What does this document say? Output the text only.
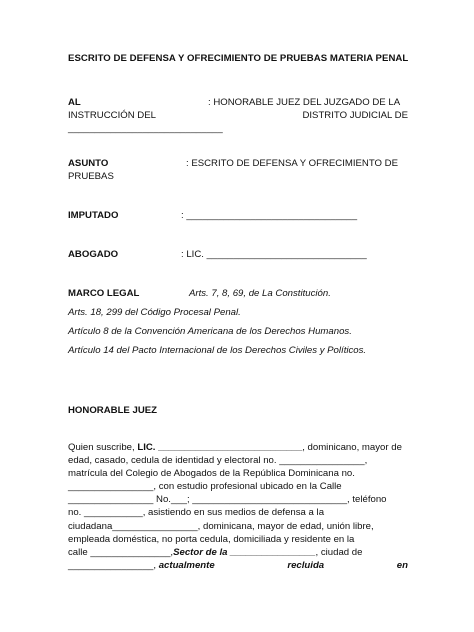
ESCRITO DE DEFENSA Y OFRECIMIENTO DE PRUEBAS MATERIA PENAL
AL	: HONORABLE JUEZ DEL JUZGADO DE LA
INSTRUCCIÓN DEL	DISTRITO JUDICIAL DE
_____________________________
ASUNTO	: ESCRITO DE DEFENSA Y OFRECIMIENTO DE
PRUEBAS
IMPUTADO	: ________________________________
ABOGADO	: LIC. ______________________________
MARCO LEGAL	Arts. 7, 8, 69, de La Constitución.
Arts. 18, 299 del Código Procesal Penal.
Artículo 8 de la Convención Americana de los Derechos Humanos.
Artículo 14 del Pacto Internacional de los Derechos Civiles y Políticos.
HONORABLE JUEZ
Quien suscribe, LIC. ___________________________, dominicano, mayor de
edad, casado, cedula de identidad y electoral no. ________________,
matrícula del Colegio de Abogados de la República Dominicana no.
________________, con estudio profesional ubicado en la Calle
________________ No.___; _____________________________, teléfono
no. ___________, asistiendo en sus medios de defensa a la
ciudadana________________, dominicana, mayor de edad, unión libre,
empleada doméstica, no porta cedula, domiciliada y residente en la
calle _______________, Sector de la ________________ , ciudad de
________________, actualmente	recluida	en
